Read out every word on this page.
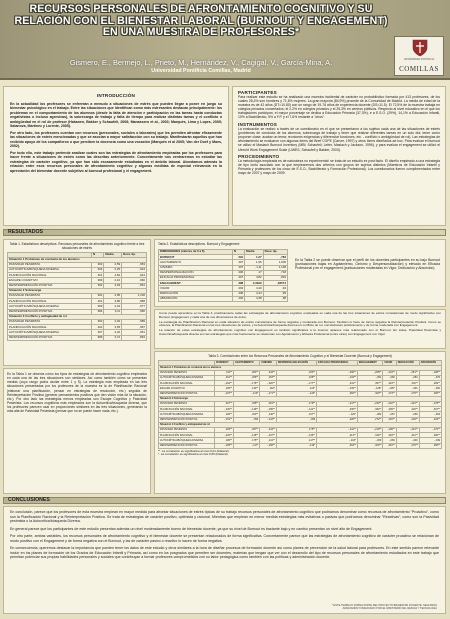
RECURSOS PERSONALES DE AFRONTAMIENTO COGNITIVO Y SU
RELACIÓN CON EL BIENESTAR LABORAL (BURNOUT Y ENGAGEMENT)
EN UNA MUESTRA DE PROFESORES*
Gismero, E., Bermejo, L., Prieto, M., Hernández, V., Cagigal, V., García-Mina, A.
Universidad Pontificia Comillas, Madrid	COMILLAS
UNIVERSIDAD PONTIFICIA
INTRODUCCIÓN
En la actualidad los profesores se enfrentan a menudo a situaciones de estrés que pueden llegar a poner en juego su bienestar psicológico en el trabajo. Entre las situaciones que identifican como más estresantes destacan principalmente: los problemas en el comportamiento de los alumnos (desde la falta de atención e participación en las tareas hasta conductas negativistas o incluso agresivas), la sobrecarga de trabajo y falta de tiempo para realizar distintas tareas y el conflicto o ambigüedad en el rol de profesor (Hakanen, Bakker y Schaufeli, 2006; Manassero et al., 2003; Marqués, Lima y Lopes, 2005; Salanova, Martínez y Lorente, 2005).
Por otro lado, los profesores cuentan con recursos (personales, sociales o laborales) que les permiten afrontar eficazmente las situaciones de estrés mencionadas y que se asocian a mayor satisfacción con su trabajo. Manifestarán aquellos que han recibido apoyo de los compañeros o que perciben la docencia como una vocación (Marqués et al 2005; Van der Doef y Maes, 2002).
Por todo ello, este trabajo pretende analizar cuales son las estrategias de afrontamiento empleadas por los profesores para hacer frente a situaciones de estrés como las descritas anteriormente. Concretamente nos centraremos en estudiar las estrategias de carácter cognitivo, ya que han sido escasamente estudiadas en el ámbito laboral. Abordamos además la relación entre esos recursos personales de afrontamiento cognitivo y algunas medidas de especial relevancia en la apreciación del bienestar docente subjetivo al burnout profesional y el engagement.
PARTICIPANTES
Para realizar este estudio se ha analizado una muestra incidental de carácter no probabilístico formada por 413 profesores, de los cuales 28,4% son hombres y 71,6% mujeres. La gran mayoría (84,9%) procede de la Comunidad de Madrid. La media de edad de la muestra es de 42 años (DT=10,80) con un rango de 19-76 años de experiencia docente (DS=11.5). El 72,5% de la muestra trabaja en colegios privados concertados; el 2,2% en colegios privados y el 25,3% en centros públicos. Respecto al nivel educativo en el que los trabajadores participan, el mayor porcentaje se dedica a Educación Primaria (37,3%), e a E.S.O. (29%), 14,1% a Educación Infantil, 10% a Bachillerato, 5% a F.P. y el 7,6% restante a "otros".
INSTRUMENTOS
La evaluación se realizó a través de un cuestionario en el que se presentaron a los sujetos cada una de las situaciones de estrés (problemas de conducta de los alumnos; sobrecarga de trabajo y tener que realizar diferentes tareas en un solo día; tener como proponer clase; acabar un tema; reuniones exigencias y diferenciar funciones, etc. - conflicto o ambigüedad de rol). Las estrategias de afrontamiento se evaluaron con algunas ítems del Brief COPE (Carver, 1997) y otros ítems diseñados ad hoc. Para evaluar el burnout se utilizó el Maslach Burnout Inventory (MBI; Schaufeli, Leiter, Maslach y Jackson, 1996), y para evaluar el engagement se utilizó el Utrecht Work Engagement Scale (UWES, Schaufeli y Bakker, 2003).
PROCEDIMIENTO
La metodología empleada es de naturaleza no experimental: se trata de un estudio ex post facto. El diseño empleado a una estrategia de tipo Ionto asociado con la que emplearemos dos criterios con grupos de sujetos distintos (Maestros de Educación Infantil y Primaria y profesores de los cinco de E.S.O., Bachillerato y Formación Profesional). Los cuestionarios fueron cumplimentados entre mayo de 2007 y mayo de 2009.
RESULTADOS
Tabla 1. Estadísticos descriptivos. Recursos personales de afrontamiento cognitivo frente a tres situaciones de estrés
	N	Media	Desv. típ.
Situación 1 Problemas de conducta de los alumnos			
PASIVIDAD PESIMISTA	393	2,59	,953
AUTOCRÍTICA/BÚSQUEDA DIVERSA	404	2,25	,924
PLANIFICACIÓN RACIONAL	401	4,60	,924
ESCAPE COGNITIVO	399	2,10	,960
REINTERPRETACIÓN POSITIVA	392	3,49	,861
Situación 2 Sobrecarga			
PASIVIDAD PESIMISTA	391	2,95	1,130
PLANIFICACIÓN RACIONAL	401	3,86	,858
AUTOCRÍTICA/BÚSQUEDA DIVERSA	399	2,04	,977
REINTERPRETACIÓN POSITIVA	384	3,11	,990
Situación 3 Conflicto y ambigüedad de rol			
PASIVIDAD PESIMISTA	392	2,46	,989
PLANIFICACIÓN RACIONAL	402	3,55	,987
AUTOCRÍTICA/BÚSQUEDA DIVERSA	397	2,20	,951
REINTERPRETACIÓN POSITIVA	389	3,72	,894
En la Tabla 1 se observa cómo los tipos de estrategias de afrontamiento cognitivo empleados en cada una de las tres situaciones son similares. Así como también cómo se presentan medias (cuyo rango podía oscilar entre 1 y 5). La estrategia más empleada en las tres situaciones presentadas por los profesores de la muestra es la de Planificación Racional (elaborar una planificación, pensar en estrategias de resolución, etc.) seguida de Reinterpretación Positiva (generar pensamientos positivos que den visión más de la situación, etc.). Por otro lado las estrategias menos empleadas son Escape Cognitivo y Pasividad Pesimista. Los recursos cognitivos más empleados son la Autocrítica/búsqueda diversa, que los profesores parecen usar en proporciones similares en las tres situaciones, generando la más alta de Pasividad Pesimista (pensar que no se puede hacer nada, etc.).
Tabla 2. Estadísticos descriptivos. Burnout y Engagement
DIMENSIONES (valores de 0 a 6)	N	Media	Desv. típ.
BURNOUT	391	1,27	,783
AGOTAMIENTO	407	1,96	1,006
CINISMO	407	,1,11	1,138
DESPERSONALIZACIÓN	406	,17	,718
EFICACIA PROFESIONAL	407	4,82	,834
ENGAGEMENT	388	4,3329	,84574
VIGOR	403	4,40	,93
DEDICACIÓN	406	4,44	,99
ABSORCIÓN	402	4,38	,98
En la Tabla 2 se puede observar que el perfil de los docentes participantes en su bajo Burnout (puntuaciones bajas en Agotamiento, Cinismo y Despersonalización) y elevado en Eficacia Profesional y en el engagement (puntuaciones moderadas en Vigor, Dedicación y Absorción).
Como puede apreciarse en la Tabla 3, prácticamente todas las estrategias de afrontamiento cognitivo empleadas en cada una de las tres situaciones de estrés correlacionan de modo significativo con Burnout, Engagement y cada una de sus dimensiones de éstos.
La estrategia de Planificación Racional en cada situación de estrés correlaciona de forma negativa y moderada con Burnout. También lo hace de forma negativa la Reinterpretación Positiva. Como se observa, la Planificación Racional en las tres situaciones de estrés, y la Autocrítica/búsqueda diversa en conflicto de rol, correlacionan positivamente y de forma moderada con Engagement.
La relación de estas estrategias de afrontamiento cognitivo con Engagement es también significativa a la inversa: aparece más relacionado con el Burnout. En todas, Pasividad Pesimista y Autocrítica/búsqueda diversa son las estrategias que más fuertemente se relacionan con Agotamiento y Eficacia Profesional (entre otras) con Engagement con Vigor.
Tabla 3. Correlaciones entre los Recursos Personales de Afrontamiento Cognitivo y el Bienestar Docente (Burnout y Engagement)
	BURNOUT	AGOTAMIENTO	CINISMO	DESPERSO-NALIZACIÓN	EFICACIA PROFESIONAL	ENGAGEMENT	VIGOR	DEDICACIÓN	ABSORCIÓN
Situación 1 Problemas de conducta de los alumnos									
PASIVIDAD PESIMISTA	,311**	,281**	,244**	,183**	-,296**	-,268**	-,234**	-,251**	-,198**
AUTOCRÍTICA/BÚSQUEDA DIVERSA	,201**	,206**	,153**	,156**	-,133**	-,091	-,082	-,084	-,076
PLANIFICACIÓN RACIONAL	-,264**	-,175**	-,220**	-,177**	,341**	,357**	,323**	,332**	,299**
ESCAPE COGNITIVO	,155**	,132**	,118*	,123*	-,139**	-,108*	-,105*	-,091	-,090
REINTERPRETACIÓN POSITIVA	-,197**	-,120*	-,171**	-,126*	,284**	,300**	,273**	,279**	,250**
Situación 2 Sobrecarga									
PASIVIDAD PESIMISTA	,327**	,325**	,251**	,179**	-,247**	-,232**	-,222**	-,201**	-,178**
PLANIFICACIÓN RACIONAL	-,230**	-,139**	-,195**	-,141**	,335**	,362**	,339**	,320**	,307**
AUTOCRÍTICA/BÚSQUEDA DIVERSA	,206**	,200**	,146**	,167**	-,126*	-,082	-,087	-,066	-,063
REINTERPRETACIÓN POSITIVA	-,151**	-,092	-,143**	-,096	,226**	,272**	,249**	,246**	,234**
Situación 3 Conflicto y ambigüedad de rol									
PASIVIDAD PESIMISTA	,293**	,257**	,243**	,175**	-,241**	-,219**	-,199**	-,201**	-,170**
PLANIFICACIÓN RACIONAL	-,226**	-,145**	-,197**	-,136**	,313**	,344**	,318**	,312**	,290**
AUTOCRÍTICA/BÚSQUEDA DIVERSA	,186**	,175**	,141**	,147**	-,103*	-,060	-,066	-,046	-,049
REINTERPRETACIÓN POSITIVA	-,185**	-,117*	-,166**	-,119*	,263**	,303**	,281**	,276**	,256**
**. La correlación es significativa al nivel 0,01 (bilateral).
*. La correlación es significativa al nivel 0,05 (bilateral).
CONCLUSIONES
En conclusión, parece que los profesores de esta muestra emplean en mayor medida para afrontar situaciones de estrés típicas de su trabajo recursos personales de afrontamiento cognitivo que podríamos denominar como recursos de afrontamiento "Proactivo", como son la Planificación Racional y la Reinterpretación Positiva. Se trata de estrategias de carácter positivo, optimista y racional. Mientras que emplean en menor medida estrategias más evitativas o pasivas que podríamos denominar "Reactivas", como son la Pasividad pesimista o la Autocrítica/búsqueda Diversa.
En general parece que los participantes de este estudio presentan además un nivel moderadamente bueno de bienestar docente, ya que su nivel de Burnout es bastante bajo y en cambio presentan un nivel alto de Engagement.
Por otro parte, ambas variables, los recursos personales de afrontamiento cognitivo y el bienestar docente se presentan relacionados de forma significativa. Concretamente parece que las estrategias de afrontamiento cognitivo de carácter proactivo se relacionan de modo positivo con el Engagement y de forma negativa con el Burnout, y las de carácter pasivo o reactivo lo hacen de forma negativa.
En consecuencia, queremos destacar la importancia que pueden tener los datos de este estudio y otros similares a la hora de diseñar procesos de formación docente así como planes de prevención de la salud laboral para profesores. En este sentido parece relevante incluir en los planes de formación de los Grados de Educación Infantil y Primaria, así como en los posgrados que permiten ser docentes, materias que tengan que ver con el desarrollo del tipo de recursos personales de afrontamiento estudiados en este trabajo que permitan potenciar sus propias habilidades personales y sociales que contribuyan a formar profesores comprometidos con su labor pedagógica como también con las políticas y administración docente.
* ESTE TRABAJO FORMA PARTE DEL PROYECTO BIENESTAR DOCENTE: SEGUIMOS
AVANZANDO' FINANCIADO POR EL MINISTERIO DE CIENCIA Y TECNOLOGÍA
